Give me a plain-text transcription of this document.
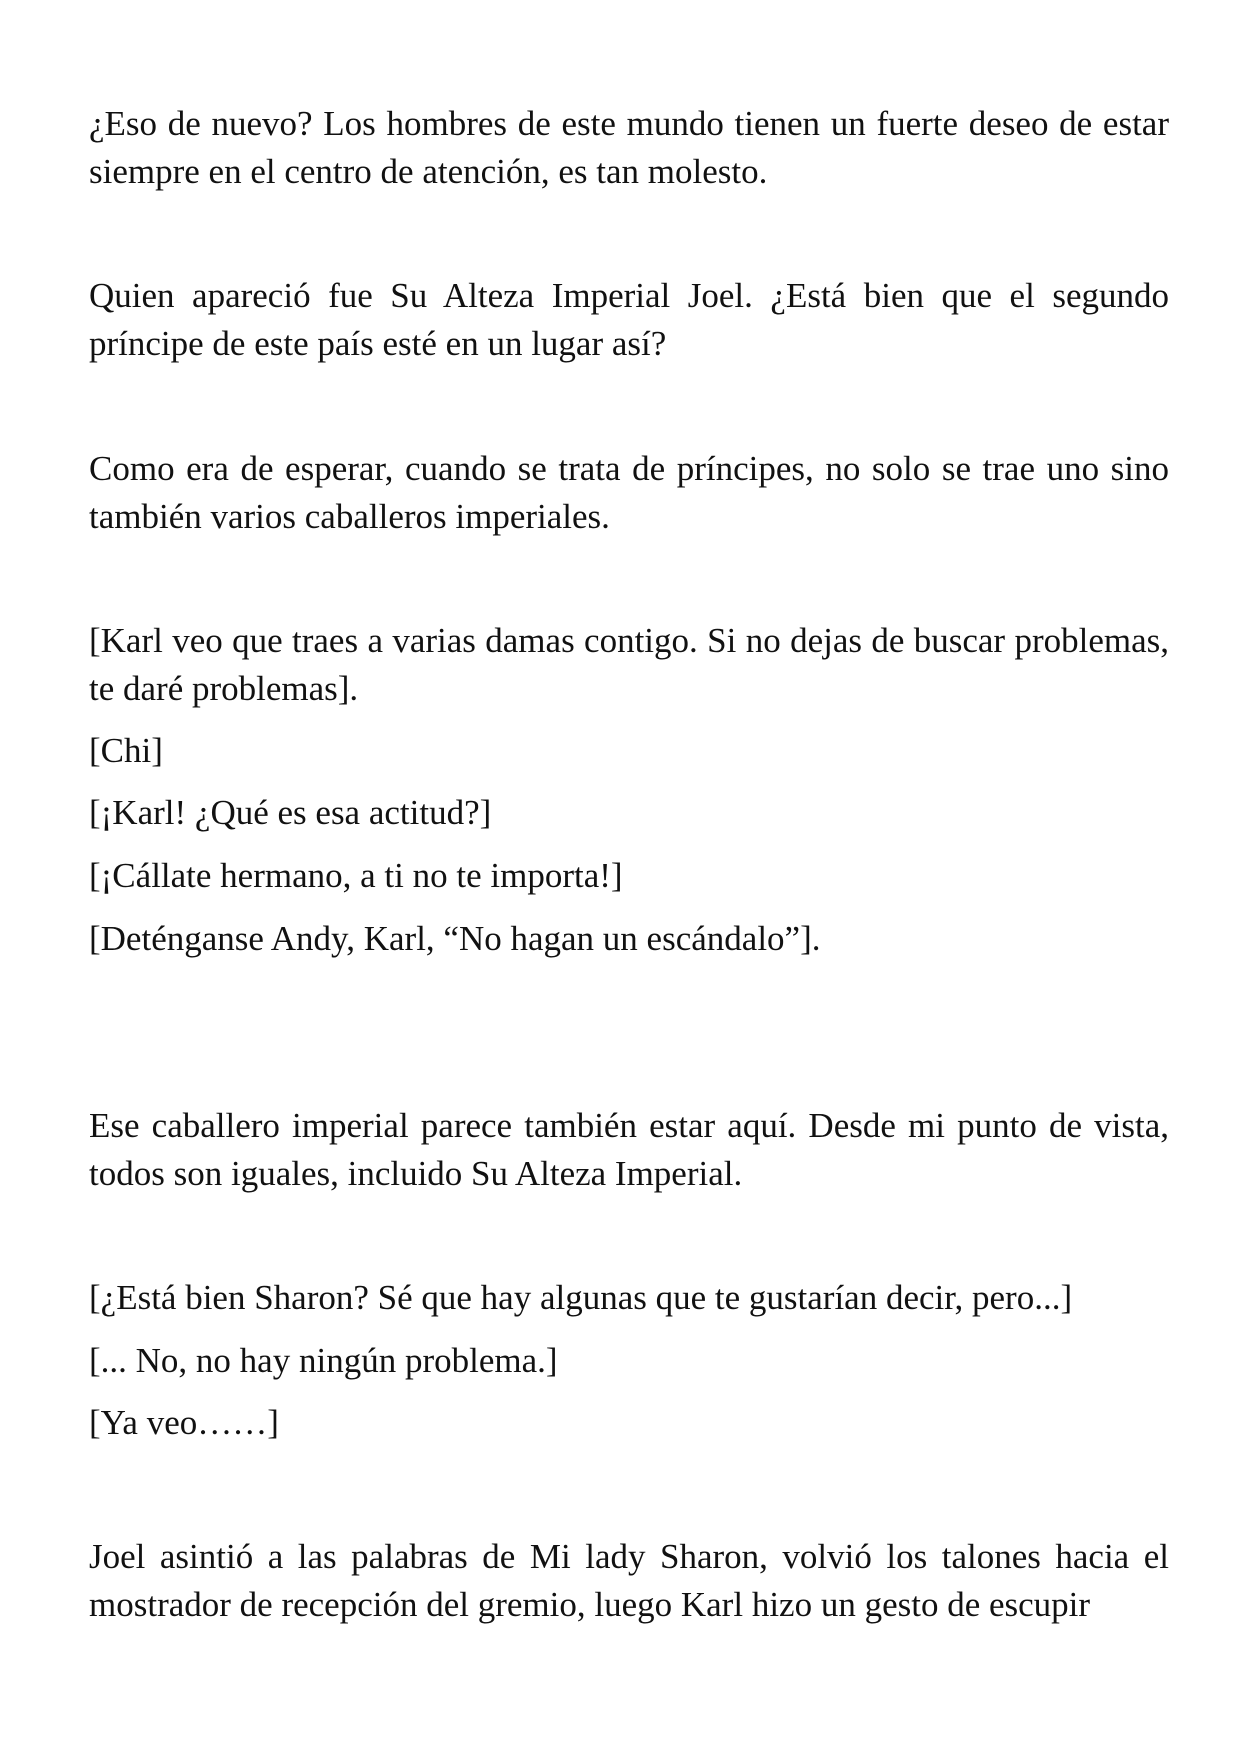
¿Eso de nuevo? Los hombres de este mundo tienen un fuerte deseo de estar siempre en el centro de atención, es tan molesto.

Quien apareció fue Su Alteza Imperial Joel. ¿Está bien que el segundo príncipe de este país esté en un lugar así?

Como era de esperar, cuando se trata de príncipes, no solo se trae uno sino también varios caballeros imperiales.

[Karl veo que traes a varias damas contigo. Si no dejas de buscar problemas, te daré problemas].

[Chi]

[¡Karl! ¿Qué es esa actitud?]

[¡Cállate hermano, a ti no te importa!]

[Deténganse Andy, Karl, “No hagan un escándalo”].

Ese caballero imperial parece también estar aquí. Desde mi punto de vista, todos son iguales, incluido Su Alteza Imperial.

[¿Está bien Sharon? Sé que hay algunas que te gustarían decir, pero...]

[... No, no hay ningún problema.]

[Ya veo……]

Joel asintió a las palabras de Mi lady Sharon, volvió los talones hacia el mostrador de recepción del gremio, luego Karl hizo un gesto de escupir
